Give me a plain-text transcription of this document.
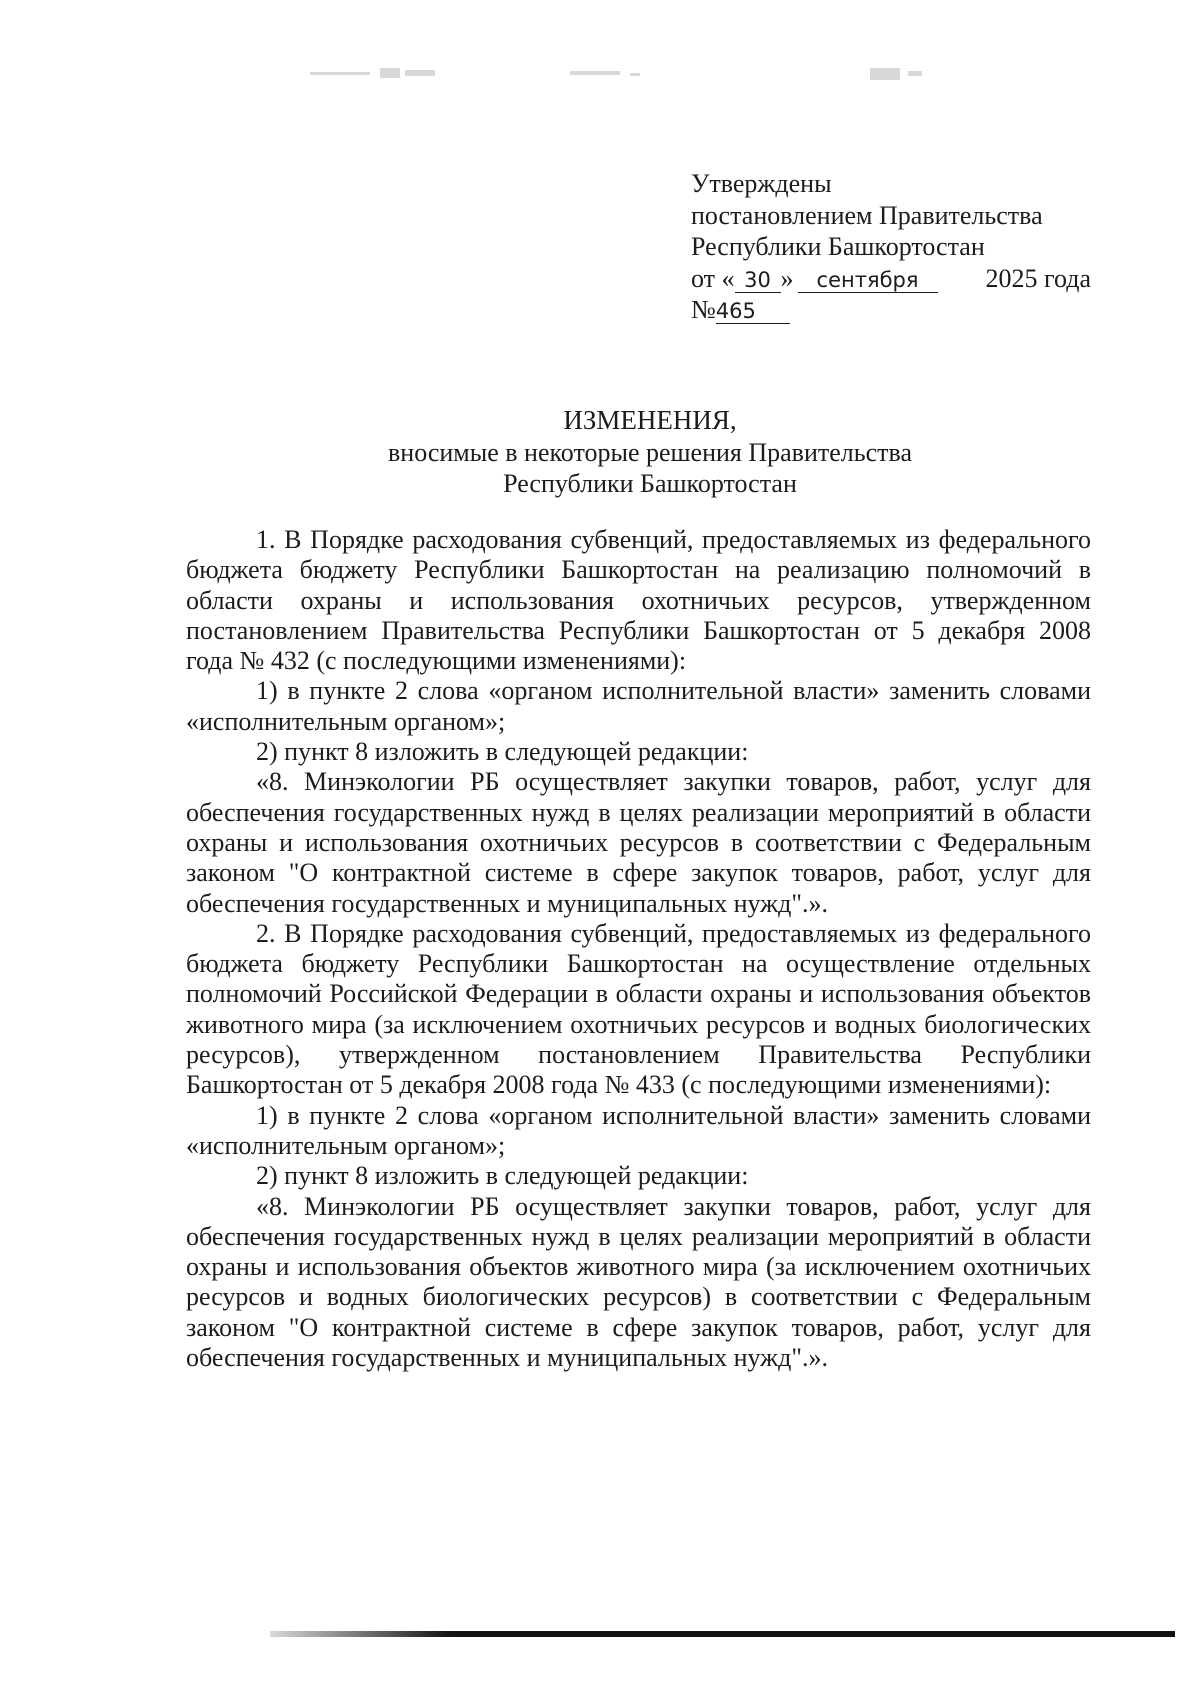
Утверждены
постановлением Правительства
Республики Башкортостан
от « 30 » сентября	2025 года
№465
ИЗМЕНЕНИЯ,
вносимые в некоторые решения Правительства
Республики Башкортостан

1. В Порядке расходования субвенций, предоставляемых из федерального бюджета бюджету Республики Башкортостан на реализацию полномочий в области охраны и использования охотничьих ресурсов, утвержденном постановлением Правительства Республики Башкортостан от 5 декабря 2008 года № 432 (с последующими изменениями):

1) в пункте 2 слова «органом исполнительной власти» заменить словами «исполнительным органом»;

2) пункт 8 изложить в следующей редакции:

«8. Минэкологии РБ осуществляет закупки товаров, работ, услуг для обеспечения государственных нужд в целях реализации мероприятий в области охраны и использования охотничьих ресурсов в соответствии с Федеральным законом "О контрактной системе в сфере закупок товаров, работ, услуг для обеспечения государственных и муниципальных нужд".».

2. В Порядке расходования субвенций, предоставляемых из федерального бюджета бюджету Республики Башкортостан на осуществление отдельных полномочий Российской Федерации в области охраны и использования объектов животного мира (за исключением охотничьих ресурсов и водных биологических ресурсов), утвержденном постановлением Правительства Республики Башкортостан от 5 декабря 2008 года № 433 (с последующими изменениями):

1) в пункте 2 слова «органом исполнительной власти» заменить словами «исполнительным органом»;

2) пункт 8 изложить в следующей редакции:

«8. Минэкологии РБ осуществляет закупки товаров, работ, услуг для обеспечения государственных нужд в целях реализации мероприятий в области охраны и использования объектов животного мира (за исключением охотничьих ресурсов и водных биологических ресурсов) в соответствии с Федеральным законом "О контрактной системе в сфере закупок товаров, работ, услуг для обеспечения государственных и муниципальных нужд".».
